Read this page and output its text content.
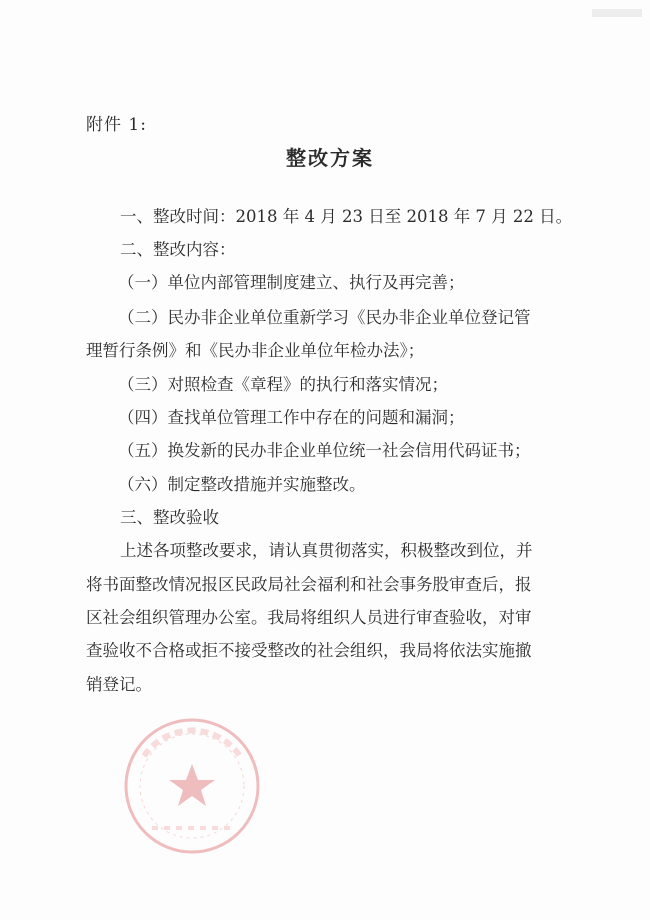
附件 1:
整改方案
一、整改时间：2018 年 4 月 23 日至 2018 年 7 月 22 日。
二、整改内容：
（一）单位内部管理制度建立、执行及再完善；
（二）民办非企业单位重新学习《民办非企业单位登记管
理暂行条例》和《民办非企业单位年检办法》；
（三）对照检查《章程》的执行和落实情况；
（四）查找单位管理工作中存在的问题和漏洞；
（五）换发新的民办非企业单位统一社会信用代码证书；
（六）制定整改措施并实施整改。
三、整改验收
上述各项整改要求，请认真贯彻落实，积极整改到位，并
将书面整改情况报区民政局社会福利和社会事务股审查后，报
区社会组织管理办公室。我局将组织人员进行审查验收，对审
查验收不合格或拒不接受整改的社会组织，我局将依法实施撤
销登记。
